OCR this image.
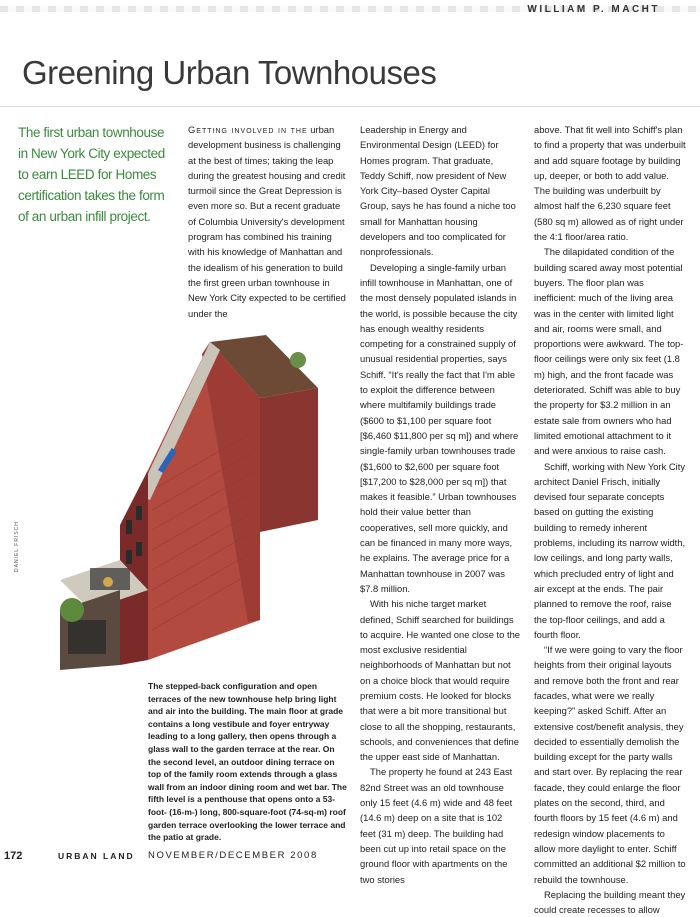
WILLIAM P. MACHT
Greening Urban Townhouses

The first urban townhouse in New York City expected to earn LEED for Homes certification takes the form of an urban infill project.

Getting involved in the urban development business is challenging at the best of times; taking the leap during the greatest housing and credit turmoil since the Great Depression is even more so. But a recent graduate of Columbia University's development program has combined his training with his knowledge of Manhattan and the idealism of his generation to build the first green urban townhouse in New York City expected to be certified under the

Leadership in Energy and Environmental Design (LEED) for Homes program. That graduate, Teddy Schiff, now president of New York City–based Oyster Capital Group, says he has found a niche too small for Manhattan housing developers and too complicated for nonprofessionals.

Developing a single-family urban infill townhouse in Manhattan, one of the most densely populated islands in the world, is possible because the city has enough wealthy residents competing for a constrained supply of unusual residential properties, says Schiff. “It's really the fact that I'm able to exploit the difference between where multifamily buildings trade ($600 to $1,100 per square foot [$6,460 $11,800 per sq m]) and where single-family urban townhouses trade ($1,600 to $2,600 per square foot [$17,200 to $28,000 per sq m]) that makes it feasible.” Urban townhouses hold their value better than cooperatives, sell more quickly, and can be financed in many more ways, he explains. The average price for a Manhattan townhouse in 2007 was $7.8 million.

With his niche target market defined, Schiff searched for buildings to acquire. He wanted one close to the most exclusive residential neighborhoods of Manhattan but not on a choice block that would require premium costs. He looked for blocks that were a bit more transitional but close to all the shopping, restaurants, schools, and conveniences that define the upper east side of Manhattan.

The property he found at 243 East 82nd Street was an old townhouse only 15 feet (4.6 m) wide and 48 feet (14.6 m) deep on a site that is 102 feet (31 m) deep. The building had been cut up into retail space on the ground floor with apartments on the two stories

above. That fit well into Schiff's plan to find a property that was underbuilt and add square footage by building up, deeper, or both to add value. The building was underbuilt by almost half the 6,230 square feet (580 sq m) allowed as of right under the 4:1 floor/area ratio.

The dilapidated condition of the building scared away most potential buyers. The floor plan was inefficient: much of the living area was in the center with limited light and air, rooms were small, and proportions were awkward. The top-floor ceilings were only six feet (1.8 m) high, and the front facade was deteriorated. Schiff was able to buy the property for $3.2 million in an estate sale from owners who had limited emotional attachment to it and were anxious to raise cash.

Schiff, working with New York City architect Daniel Frisch, initially devised four separate concepts based on gutting the existing building to remedy inherent problems, including its narrow width, low ceilings, and long party walls, which precluded entry of light and air except at the ends. The pair planned to remove the roof, raise the top-floor ceilings, and add a fourth floor.

“If we were going to vary the floor heights from their original layouts and remove both the front and rear facades, what were we really keeping?” asked Schiff. After an extensive cost/benefit analysis, they decided to essentially demolish the building except for the party walls and start over. By replacing the rear facade, they could enlarge the floor plates on the second, third, and fourth floors by 15 feet (4.6 m) and redesign window placements to allow more daylight to enter. Schiff committed an additional $2 million to rebuild the townhouse.

Replacing the building meant they could create recesses to allow

DANIEL FRISCH

The stepped-back configuration and open terraces of the new townhouse help bring light and air into the building. The main floor at grade contains a long vestibule and foyer entryway leading to a long gallery, then opens through a glass wall to the garden terrace at the rear. On the second level, an outdoor dining terrace on top of the family room extends through a glass wall from an indoor dining room and wet bar. The fifth level is a penthouse that opens onto a 53-foot- (16-m-) long, 800-square-foot (74-sq-m) roof garden terrace overlooking the lower terrace and the patio at grade.

172	URBAN LAND NOVEMBER/DECEMBER 2008
